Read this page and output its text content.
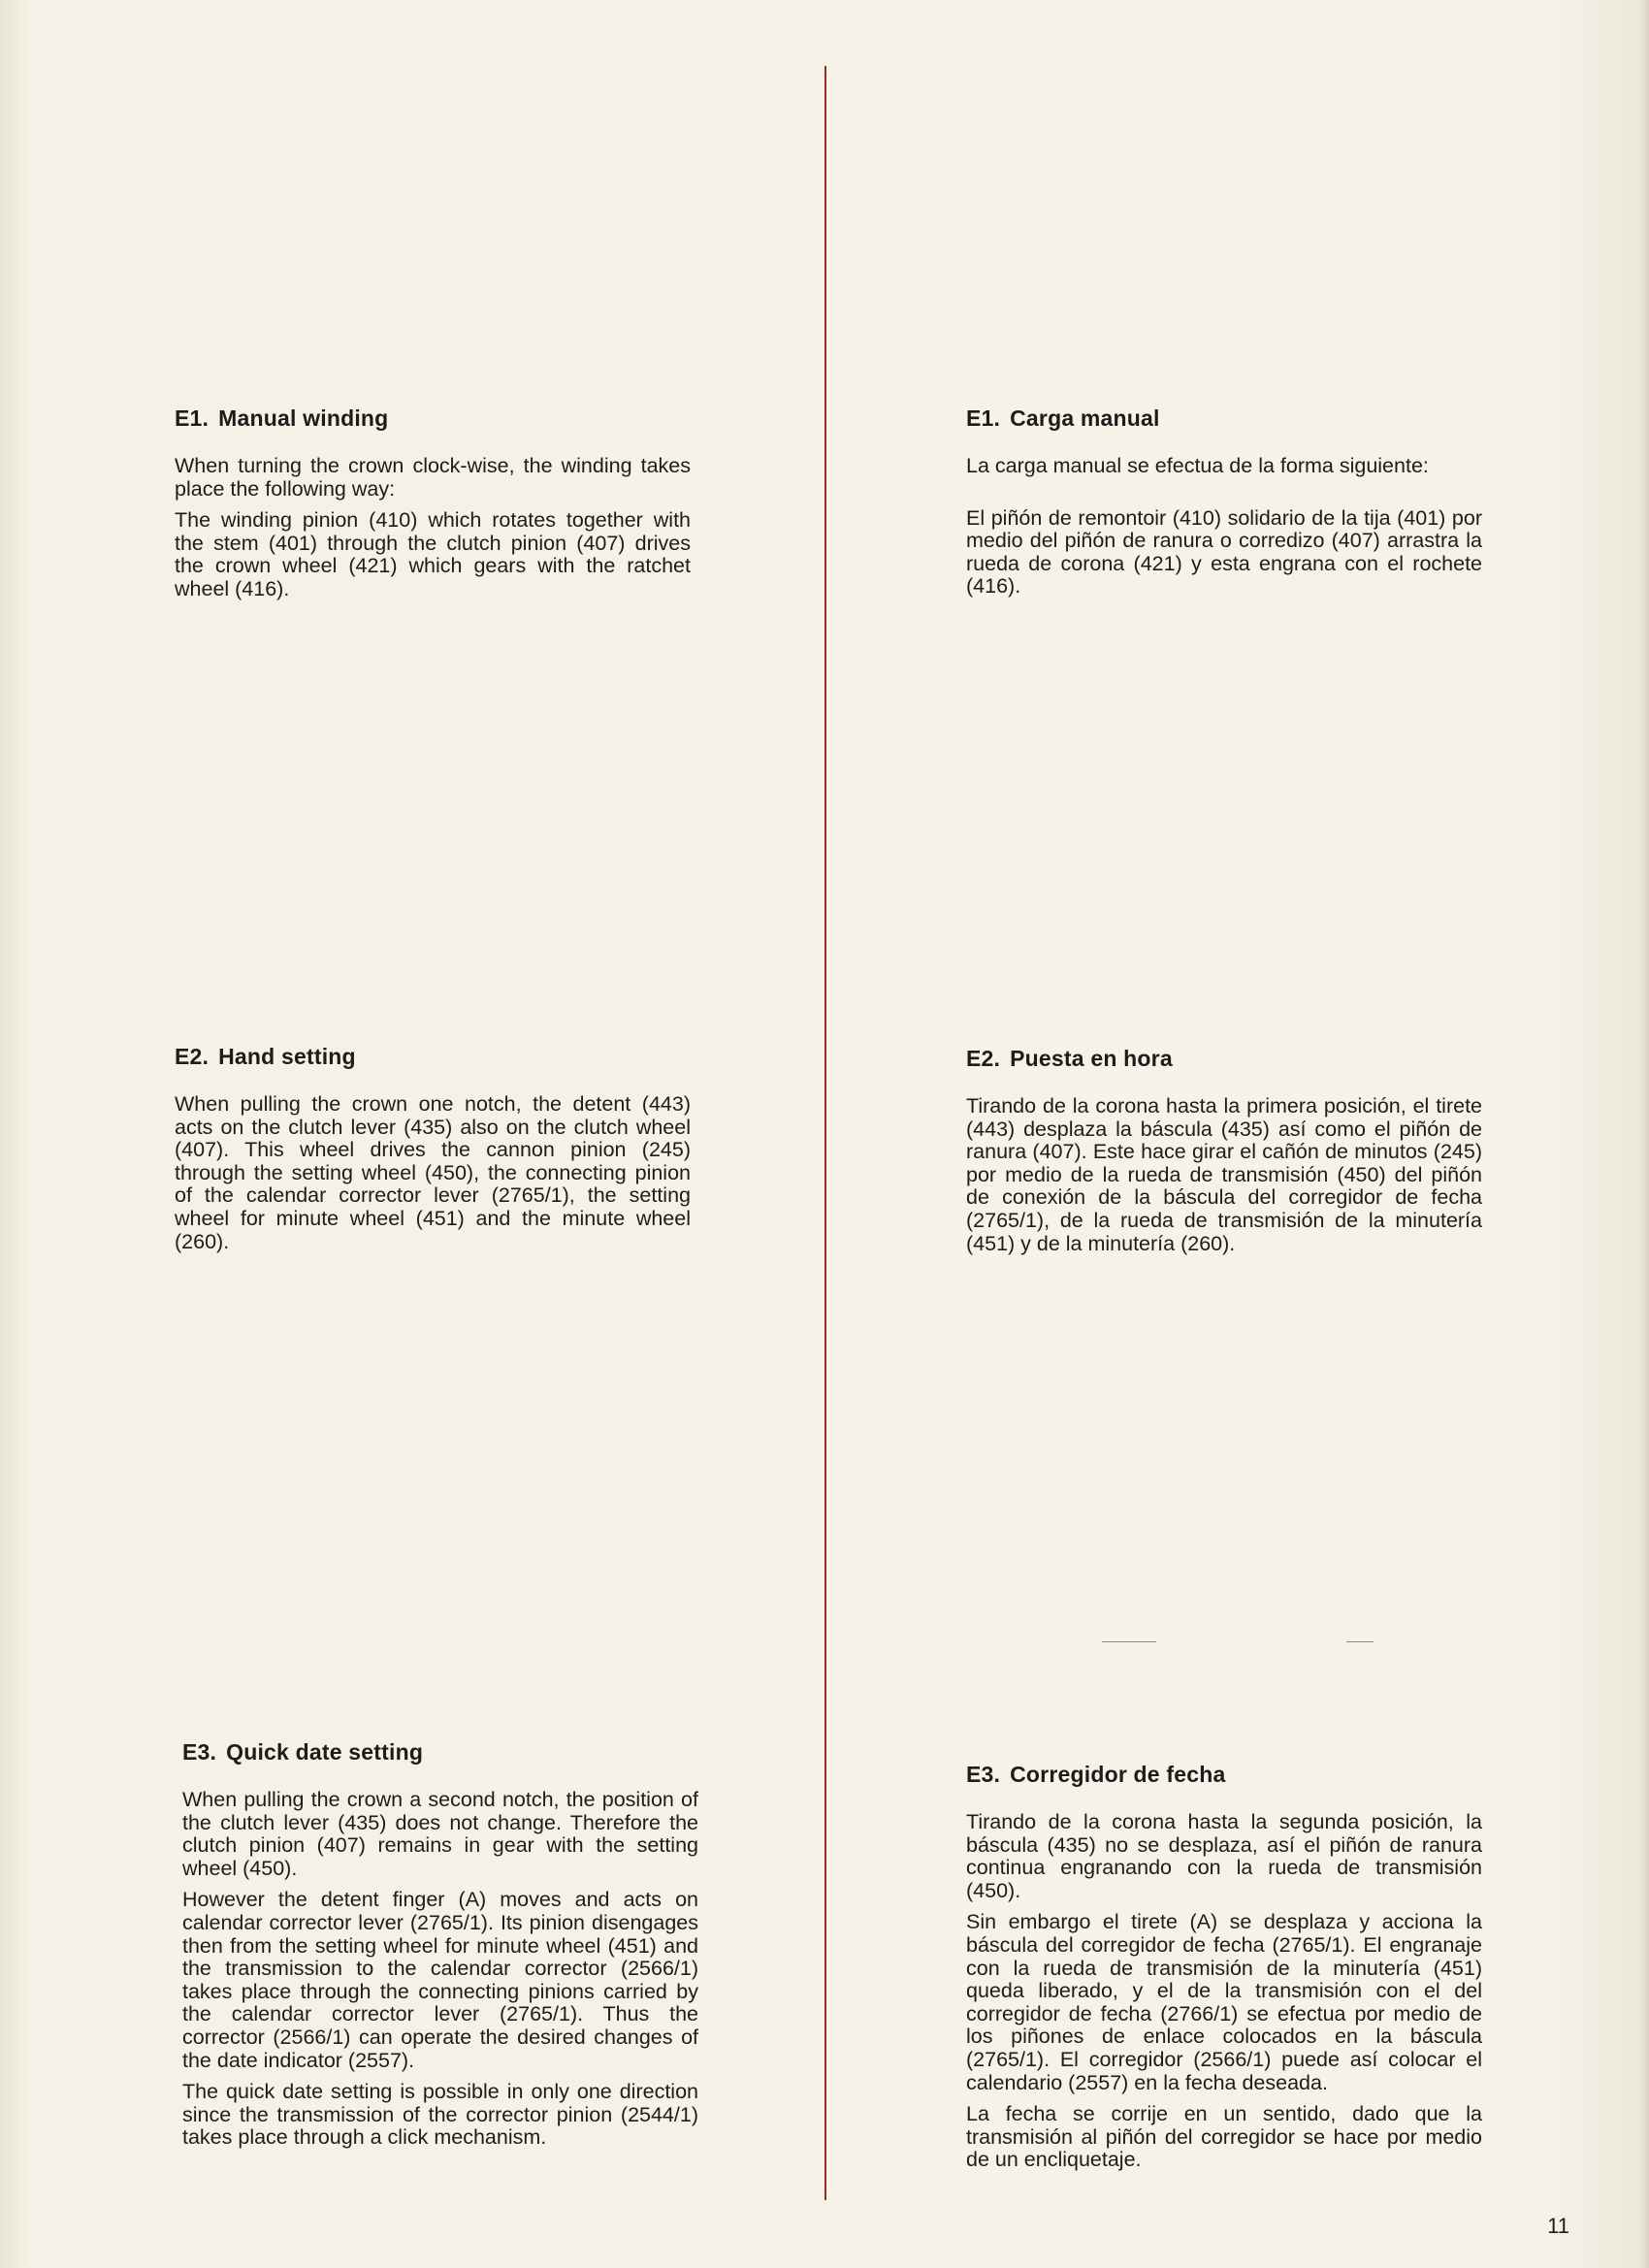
E1. Manual winding

When turning the crown clock-wise, the winding takes place the following way:

The winding pinion (410) which rotates together with the stem (401) through the clutch pinion (407) drives the crown wheel (421) which gears with the ratchet wheel (416).

E2. Hand setting

When pulling the crown one notch, the detent (443) acts on the clutch lever (435) also on the clutch wheel (407). This wheel drives the cannon pinion (245) through the setting wheel (450), the connecting pinion of the calendar corrector lever (2765/1), the setting wheel for minute wheel (451) and the minute wheel (260).

E3. Quick date setting

When pulling the crown a second notch, the position of the clutch lever (435) does not change. Therefore the clutch pinion (407) remains in gear with the setting wheel (450).

However the detent finger (A) moves and acts on calendar corrector lever (2765/1). Its pinion disengages then from the setting wheel for minute wheel (451) and the transmission to the calendar corrector (2566/1) takes place through the connecting pinions carried by the calendar corrector lever (2765/1). Thus the corrector (2566/1) can operate the desired changes of the date indicator (2557).

The quick date setting is possible in only one direction since the transmission of the corrector pinion (2544/1) takes place through a click mechanism.

E1. Carga manual

La carga manual se efectua de la forma siguiente:

El piñón de remontoir (410) solidario de la tija (401) por medio del piñón de ranura o corredizo (407) arrastra la rueda de corona (421) y esta engrana con el rochete (416).

E2. Puesta en hora

Tirando de la corona hasta la primera posición, el tirete (443) desplaza la báscula (435) así como el piñón de ranura (407). Este hace girar el cañón de minutos (245) por medio de la rueda de transmisión (450) del piñón de conexión de la báscula del corregidor de fecha (2765/1), de la rueda de transmisión de la minutería (451) y de la minutería (260).

E3. Corregidor de fecha

Tirando de la corona hasta la segunda posición, la báscula (435) no se desplaza, así el piñón de ranura continua engranando con la rueda de transmisión (450).

Sin embargo el tirete (A) se desplaza y acciona la báscula del corregidor de fecha (2765/1). El engranaje con la rueda de transmisión de la minutería (451) queda liberado, y el de la transmisión con el del corregidor de fecha (2766/1) se efectua por medio de los piñones de enlace colocados en la báscula (2765/1). El corregidor (2566/1) puede así colocar el calendario (2557) en la fecha deseada.

La fecha se corrije en un sentido, dado que la transmisión al piñón del corregidor se hace por medio de un encliquetaje.

11
